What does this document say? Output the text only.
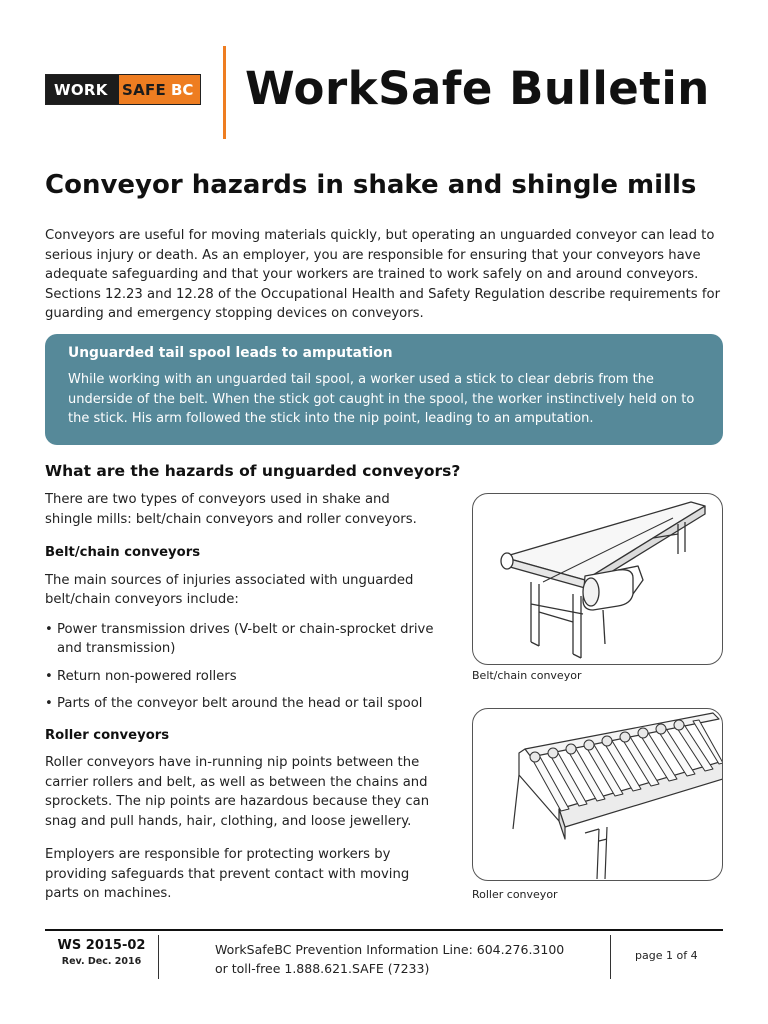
WORK SAFE BC WorkSafe Bulletin
Conveyor hazards in shake and shingle mills

Conveyors are useful for moving materials quickly, but operating an unguarded conveyor can lead to serious injury or death. As an employer, you are responsible for ensuring that your conveyors have adequate safeguarding and that your workers are trained to work safely on and around conveyors. Sections 12.23 and 12.28 of the Occupational Health and Safety Regulation describe requirements for guarding and emergency stopping devices on conveyors.

Unguarded tail spool leads to amputation
While working with an unguarded tail spool, a worker used a stick to clear debris from the underside of the belt. When the stick got caught in the spool, the worker instinctively held on to the stick. His arm followed the stick into the nip point, leading to an amputation.
What are the hazards of unguarded conveyors?

There are two types of conveyors used in shake and shingle mills: belt/chain conveyors and roller conveyors.

Belt/chain conveyors

The main sources of injuries associated with unguarded belt/chain conveyors include:

• Power transmission drives (V-belt or chain-sprocket drive and transmission)
• Return non-powered rollers
• Parts of the conveyor belt around the head or tail spool
Roller conveyors

Roller conveyors have in-running nip points between the carrier rollers and belt, as well as between the chains and sprockets. The nip points are hazardous because they can snag and pull hands, hair, clothing, and loose jewellery.

Employers are responsible for protecting workers by providing safeguards that prevent contact with moving parts on machines.

Belt/chain conveyor
Roller conveyor
WS 2015-02
Rev. Dec. 2016
WorkSafeBC Prevention Information Line: 604.276.3100
or toll-free 1.888.621.SAFE (7233)
page 1 of 4
